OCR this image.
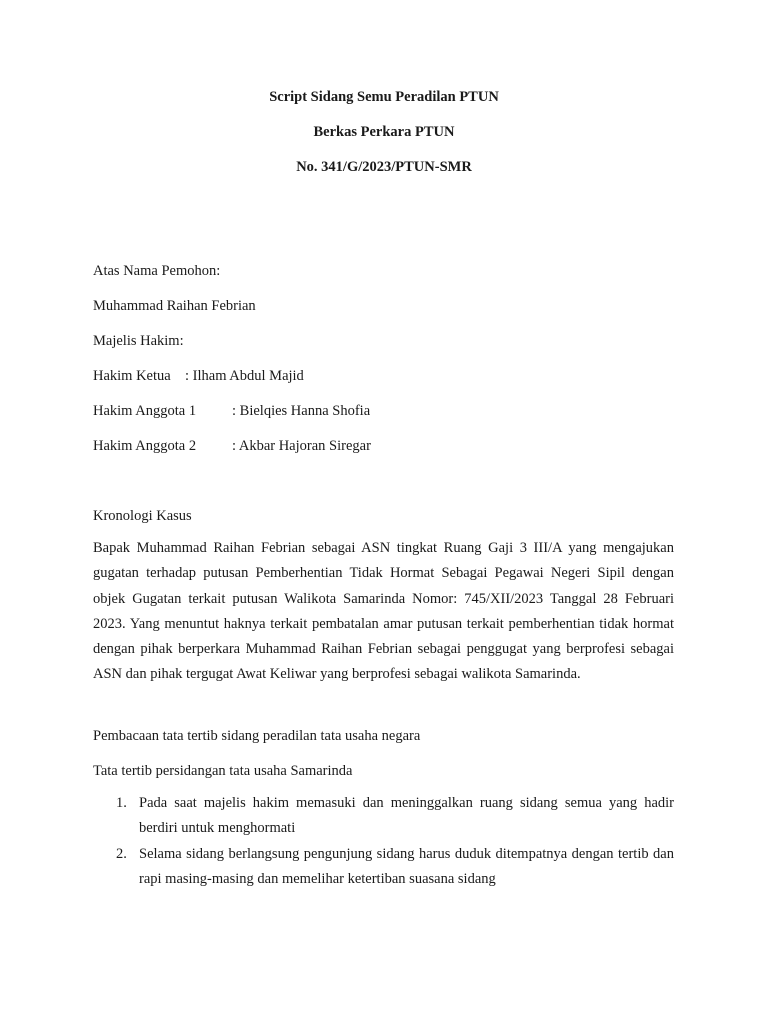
Script Sidang Semu Peradilan PTUN
Berkas Perkara PTUN
No. 341/G/2023/PTUN-SMR
Atas Nama Pemohon:
Muhammad Raihan Febrian
Majelis Hakim:
Hakim Ketua : Ilham Abdul Majid
Hakim Anggota 1 : Bielqies Hanna Shofia
Hakim Anggota 2 : Akbar Hajoran Siregar
Kronologi Kasus
Bapak Muhammad Raihan Febrian sebagai ASN tingkat Ruang Gaji 3 III/A yang mengajukan gugatan terhadap putusan Pemberhentian Tidak Hormat Sebagai Pegawai Negeri Sipil dengan objek Gugatan terkait putusan Walikota Samarinda Nomor: 745/XII/2023 Tanggal 28 Februari 2023. Yang menuntut haknya terkait pembatalan amar putusan terkait pemberhentian tidak hormat dengan pihak berperkara Muhammad Raihan Febrian sebagai penggugat yang berprofesi sebagai ASN dan pihak tergugat Awat Keliwar yang berprofesi sebagai walikota Samarinda.
Pembacaan tata tertib sidang peradilan tata usaha negara
Tata tertib persidangan tata usaha Samarinda
1. Pada saat majelis hakim memasuki dan meninggalkan ruang sidang semua yang hadir berdiri untuk menghormati
2. Selama sidang berlangsung pengunjung sidang harus duduk ditempatnya dengan tertib dan rapi masing-masing dan memelihar ketertiban suasana sidang
